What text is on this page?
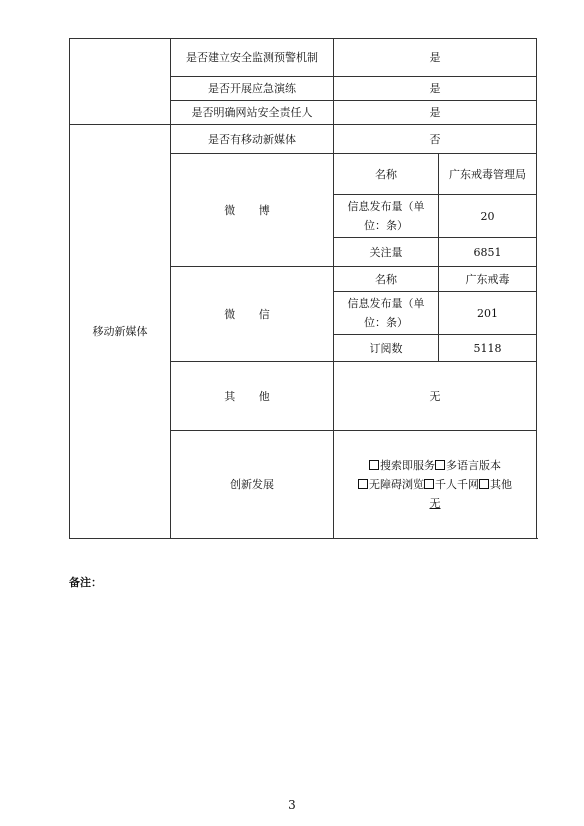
	是否建立安全监测预警机制	是	
	是否开展应急演练	是	
	是否明确网站安全责任人	是	
移动新媒体	是否有移动新媒体	否	
	微 博	名称	广东戒毒管理局
		信息发布量（单位：条）	20
		关注量	6851
	微 信	名称	广东戒毒
		信息发布量（单位：条）	201
		订阅数	5118
	其 他	无	
	创新发展	搜索即服务 多语言版本无障碍浏览 千人千网 其他
无	
备注：
3
